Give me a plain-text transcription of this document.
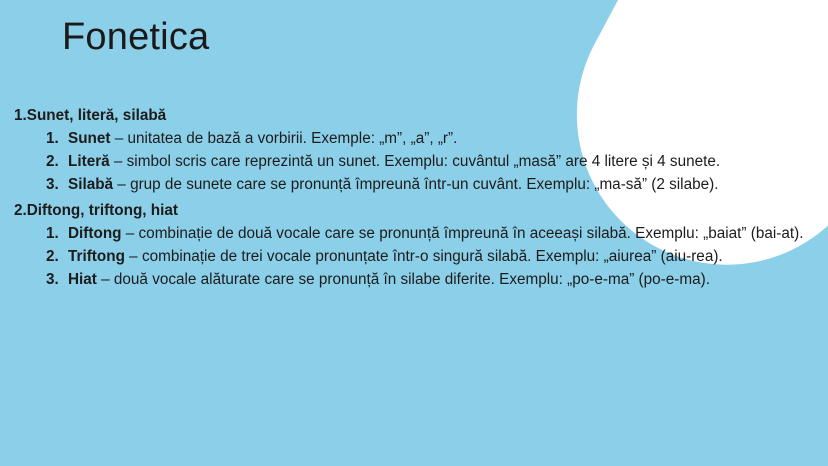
Fonetica
1.Sunet, literă, silabă
1. Sunet – unitatea de bază a vorbirii. Exemple: „m”, „a”, „r”.
2. Literă – simbol scris care reprezintă un sunet. Exemplu: cuvântul „masă” are 4 litere și 4 sunete.
3. Silabă – grup de sunete care se pronunță împreună într-un cuvânt. Exemplu: „ma-să” (2 silabe).
2.Diftong, triftong, hiat
1. Diftong – combinație de două vocale care se pronunță împreună în aceeași silabă. Exemplu: „baiat” (bai-at).
2. Triftong – combinație de trei vocale pronunțate într-o singură silabă. Exemplu: „aiurea” (aiu-rea).
3. Hiat – două vocale alăturate care se pronunță în silabe diferite. Exemplu: „po-e-ma” (po-e-ma).
